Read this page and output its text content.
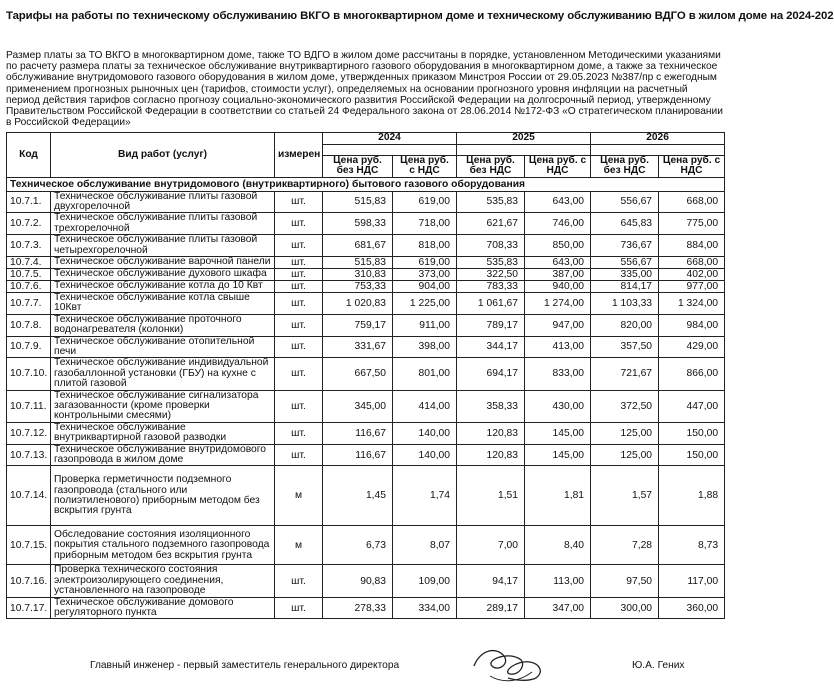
Тарифы на работы по техническому обслуживанию ВКГО в многоквартирном доме и техническому обслуживанию ВДГО в жилом доме на 2024-202
Размер платы за ТО ВКГО в многоквартирном доме, также ТО ВДГО в жилом доме рассчитаны в порядке, установленном Методическими указаниями по расчету размера платы за техническое обслуживание внутриквартирного газового оборудования в многоквартирном доме, а также за техническое обслуживание внутридомового газового оборудования в жилом доме, утвержденных приказом Минстроя России от 29.05.2023 №387/пр с ежегодным применением прогнозных рыночных цен (тарифов, стоимости услуг), определяемых на основании прогнозного уровня инфляции на расчетный период действия тарифов согласно прогнозу социально-экономического развития Российской Федерации на долгосрочный период, утвержденному Правительством Российской Федерации в соответствии со статьей 24 Федерального закона от 28.06.2014 №172-ФЗ «О стратегическом планировании в Российской Федерации»
Код	Вид работ (услуг)	измерен	2024		2025		2026	

			Цена руб. без НДС	Цена руб. с НДС	Цена руб. без НДС	Цена руб. с НДС	Цена руб. без НДС	Цена руб. с НДС
Техническое обслуживание внутридомового (внутриквартирного) бытового газового оборудования								
10.7.1.	Техническое обслуживание плиты газовой двухгорелочной	шт.	515,83	619,00	535,83	643,00	556,67	668,00
10.7.2.	Техническое обслуживание плиты газовой трехгорелочной	шт.	598,33	718,00	621,67	746,00	645,83	775,00
10.7.3.	Техническое обслуживание плиты газовой четырехгорелочной	шт.	681,67	818,00	708,33	850,00	736,67	884,00
10.7.4.	Техническое обслуживание варочной панели	шт.	515,83	619,00	535,83	643,00	556,67	668,00
10.7.5.	Техническое обслуживание духового шкафа	шт.	310,83	373,00	322,50	387,00	335,00	402,00
10.7.6.	Техническое обслуживание котла до 10 Квт	шт.	753,33	904,00	783,33	940,00	814,17	977,00
10.7.7.	Техническое обслуживание котла свыше 10Квт	шт.	1 020,83	1 225,00	1 061,67	1 274,00	1 103,33	1 324,00
10.7.8.	Техническое обслуживание проточного водонагревателя (колонки)	шт.	759,17	911,00	789,17	947,00	820,00	984,00
10.7.9.	Техническое обслуживание отопительной печи	шт.	331,67	398,00	344,17	413,00	357,50	429,00
10.7.10.	Техническое обслуживание индивидуальной газобаллонной установки (ГБУ) на кухне с плитой газовой	шт.	667,50	801,00	694,17	833,00	721,67	866,00
10.7.11.	Техническое обслуживание сигнализатора загазованности (кроме проверки контрольными смесями)	шт.	345,00	414,00	358,33	430,00	372,50	447,00
10.7.12.	Техническое обслуживание внутриквартирной газовой разводки	шт.	116,67	140,00	120,83	145,00	125,00	150,00
10.7.13.	Техническое обслуживание внутридомового газопровода в жилом доме	шт.	116,67	140,00	120,83	145,00	125,00	150,00
10.7.14.	Проверка герметичности подземного газопровода (стального или полиэтиленового) приборным методом без вскрытия грунта	м	1,45	1,74	1,51	1,81	1,57	1,88
10.7.15.	Обследование состояния изоляционного покрытия стального подземного газопровода приборным методом без вскрытия грунта	м	6,73	8,07	7,00	8,40	7,28	8,73
10.7.16.	Проверка технического состояния электроизолирующего соединения, установленного на газопроводе	шт.	90,83	109,00	94,17	113,00	97,50	117,00
10.7.17.	Техническое обслуживание домового регуляторного пункта	шт.	278,33	334,00	289,17	347,00	300,00	360,00
Главный инженер - первый заместитель генерального директора	Ю.А. Гених
